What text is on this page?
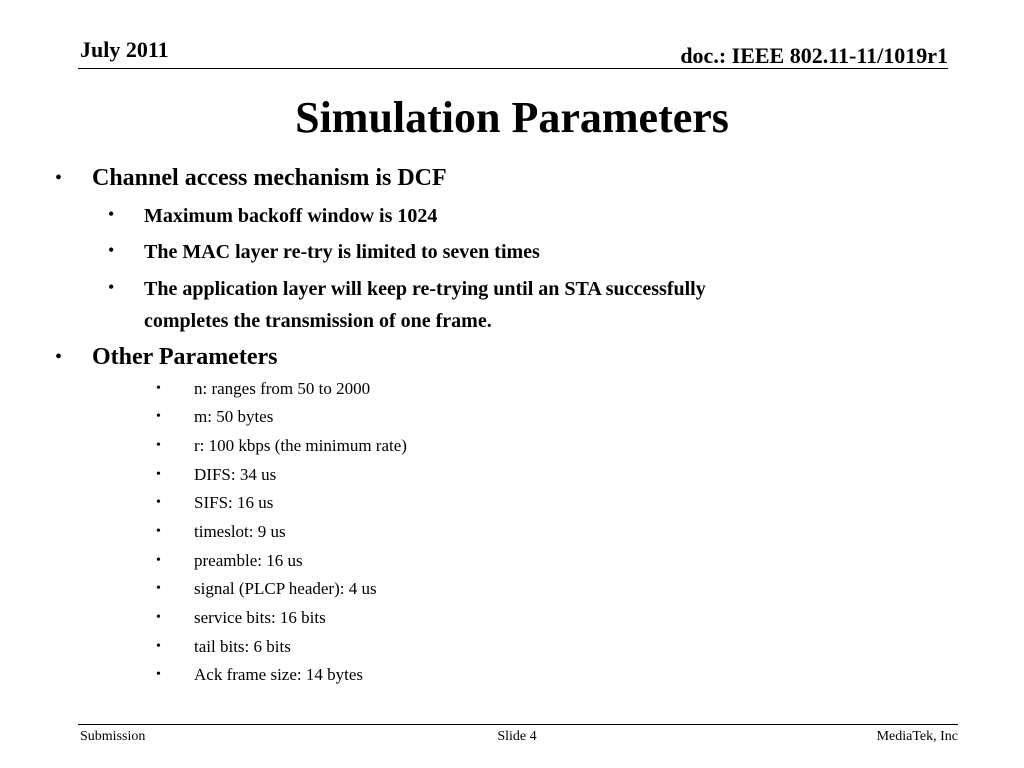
July 2011	doc.: IEEE 802.11-11/1019r1
Simulation Parameters
• Channel access mechanism is DCF
• Maximum backoff window is 1024
• The MAC layer re-try is limited to seven times
• The application layer will keep re-trying until an STA successfully
completes the transmission of one frame.
• Other Parameters
• n: ranges from 50 to 2000
• m: 50 bytes
• r: 100 kbps (the minimum rate)
• DIFS: 34 us
• SIFS: 16 us
• timeslot: 9 us
• preamble: 16 us
• signal (PLCP header): 4 us
• service bits: 16 bits
• tail bits: 6 bits
• Ack frame size: 14 bytes
Submission	Slide 4	MediaTek, Inc
